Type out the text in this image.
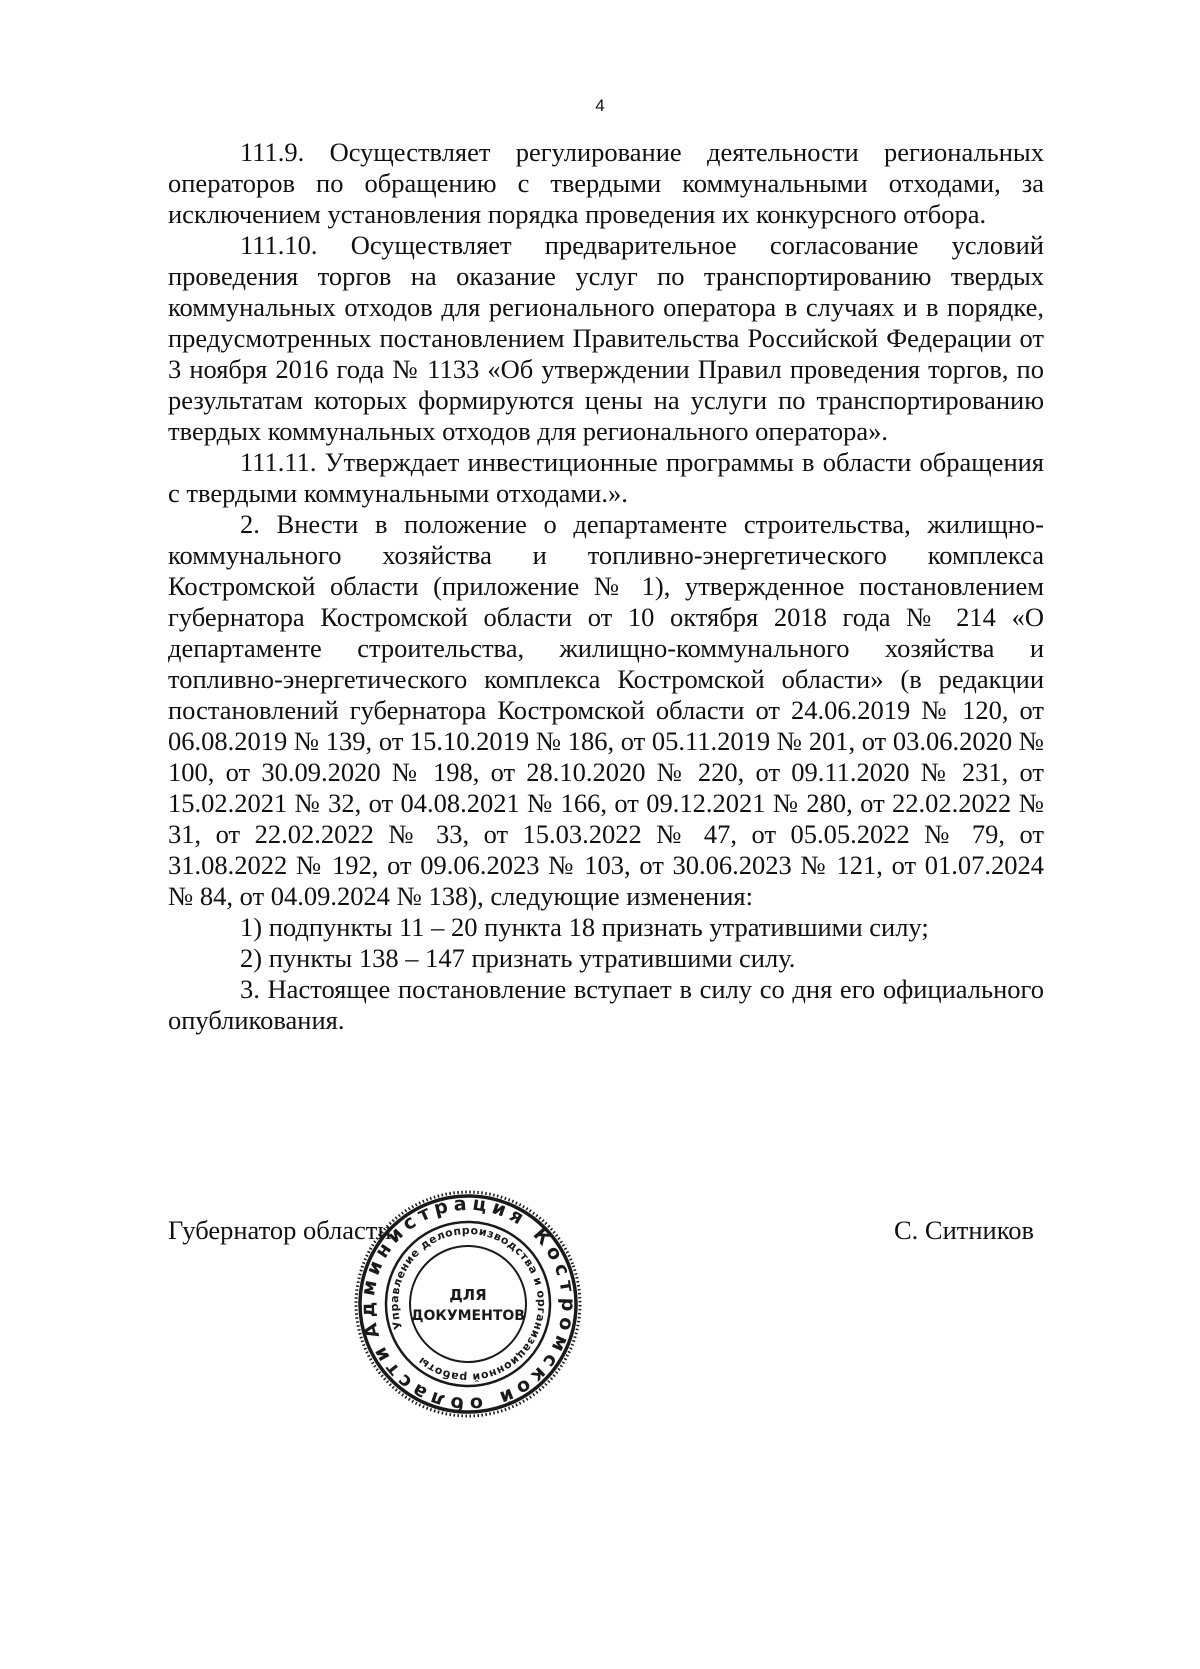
4

111.9. Осуществляет регулирование деятельности региональных операторов по обращению с твердыми коммунальными отходами, за исключением установления порядка проведения их конкурсного отбора.

111.10. Осуществляет предварительное согласование условий проведения торгов на оказание услуг по транспортированию твердых коммунальных отходов для регионального оператора в случаях и в порядке, предусмотренных постановлением Правительства Российской Федерации от 3 ноября 2016 года № 1133 «Об утверждении Правил проведения торгов, по результатам которых формируются цены на услуги по транспортированию твердых коммунальных отходов для регионального оператора».

111.11. Утверждает инвестиционные программы в области обращения с твердыми коммунальными отходами.».

2. Внести в положение о департаменте строительства, жилищно-коммунального хозяйства и топливно-энергетического комплекса Костромской области (приложение № 1), утвержденное постановлением губернатора Костромской области от 10 октября 2018 года № 214 «О департаменте строительства, жилищно-коммунального хозяйства и топливно-энергетического комплекса Костромской области» (в редакции постановлений губернатора Костромской области от 24.06.2019 № 120, от 06.08.2019 № 139, от 15.10.2019 № 186, от 05.11.2019 № 201, от 03.06.2020 № 100, от 30.09.2020 № 198, от 28.10.2020 № 220, от 09.11.2020 № 231, от 15.02.2021 № 32, от 04.08.2021 № 166, от 09.12.2021 № 280, от 22.02.2022 № 31, от 22.02.2022 № 33, от 15.03.2022 № 47, от 05.05.2022 № 79, от 31.08.2022 № 192, от 09.06.2023 № 103, от 30.06.2023 № 121, от 01.07.2024 № 84, от 04.09.2024 № 138), следующие изменения:

1) подпункты 11 – 20 пункта 18 признать утратившими силу;

2) пункты 138 – 147 признать утратившими силу.

3. Настоящее постановление вступает в силу со дня его официального опубликования.

Губернатор области	С. Ситников
Администрация Костромской области
Управление делопроизводства и организационной работы
ДЛЯ
ДОКУМЕНТОВ
